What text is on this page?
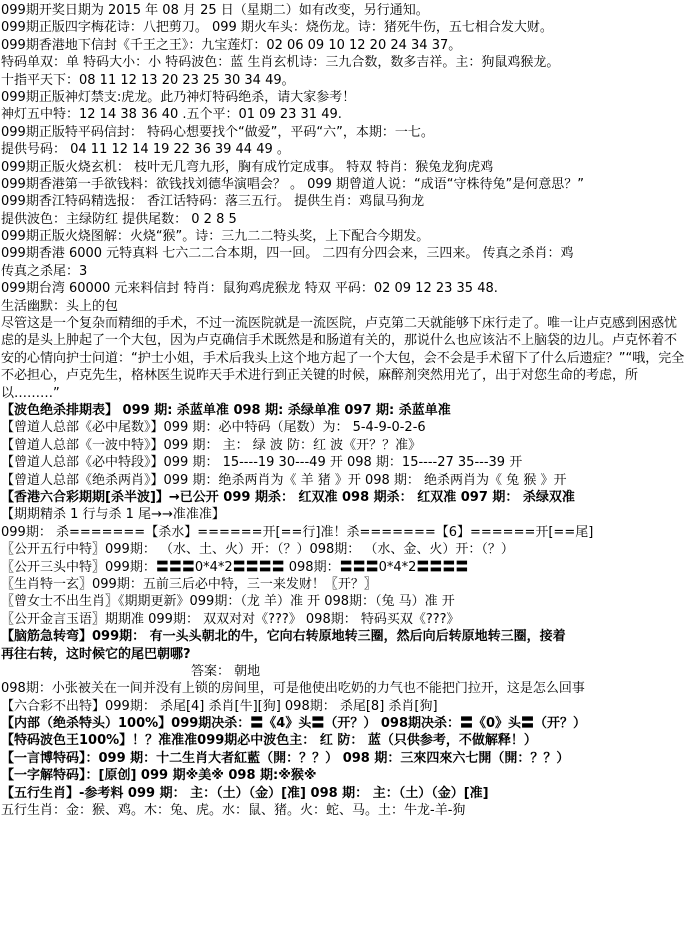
099期开奖日期为 2015 年 08 月 25 日（星期二）如有改变，另行通知。
099期正版四字梅花诗：八把剪刀。 099 期火车头：烧伤龙。诗：猪死牛伤，五七相合发大财。
099期香港地下信封《千王之王》：九宝莲灯：02 06 09 10 12 20 24 34 37。
特码单双：单 特码大小：小 特码波色：蓝 生肖玄机诗：三九合数，数多吉祥。主：狗鼠鸡猴龙。
十指平天下：08 11 12 13 20 23 25 30 34 49。
099期正版神灯禁支:虎龙。此乃神灯特码绝杀，请大家参考！
神灯五中特：12 14 38 36 40 .五个平：01 09 23 31 49.
099期正版特平码信封： 特码心想要找个“做爱”，平码“六”，本期：一七。
提供号码： 04 11 12 14 19 22 36 39 44 49 。
099期正版火烧玄机： 枝叶无几弯九形，胸有成竹定成事。 特双 特肖：猴兔龙狗虎鸡
099期香港第一手欲钱料：欲钱找刘德华演唱会？ 。 099 期曾道人说：“成语“守株待兔”是何意思？”
099期香江特码精选报： 香江话特码：落三五行。 提供生肖：鸡鼠马狗龙
提供波色：主绿防红 提供尾数： 0 2 8 5
099期正版火烧图解：火烧“猴”。诗：三九二二特头奖，上下配合今期发。
099期香港 6000 元特真料 七六二二合本期，四一回。 二四有分四会来，三四来。 传真之杀肖：鸡
传真之杀尾：3
099期台湾 60000 元来料信封 特肖：鼠狗鸡虎猴龙 特双 平码：02 09 12 23 35 48.
生活幽默：头上的包
尽管这是一个复杂而精细的手术，不过一流医院就是一流医院，卢克第二天就能够下床行走了。唯一让卢克感到困惑忧虑的是头上肿起了一个大包，因为卢克确信手术既然是和肠道有关的，那说什么也应该沾不上脑袋的边儿。卢克怀着不安的心情向护士问道：“护士小姐，手术后我头上这个地方起了一个大包，会不会是手术留下了什么后遗症？”“哦，完全不必担心，卢克先生，格林医生说昨天手术进行到正关键的时候，麻醉剂突然用光了，出于对您生命的考虑，所以………”
【波色绝杀排期表】 099 期: 杀蓝单准 098 期: 杀绿单准 097 期: 杀蓝单准
【曾道人总部《必中尾数》】099 期：必中特码（尾数）为： 5-4-9-0-2-6
【曾道人总部《一波中特》】099 期： 主： 绿 波 防：红 波《开？？准》
【曾道人总部《必中特段》】099 期： 15----19 30---49 开 098 期：15----27 35---39 开
【曾道人总部《绝杀两肖》】099 期：绝杀两肖为《 羊 猪 》开 098 期： 绝杀两肖为《 兔 猴 》开
【香港六合彩期期[杀半波]】→已公开 099 期杀： 红双准 098 期杀： 红双准 097 期： 杀绿双准
【期期精杀 1 行与杀 1 尾→→准准准】
099期： 杀=======【杀水】======开[==行]准！杀=======【6】======开[==尾]
〖公开五行中特〗099期： （水、土、火）开：（？）098期： （水、金、火）开：（？）
〖公开三头中特〗099期：〓〓〓0*4*2〓〓〓〓 098期：〓〓〓0*4*2〓〓〓〓
〖生肖特一玄〗099期：五前三后必中特，三一来发财！〖开？〗
〖曾女士不出生肖〗《期期更新》099期：（龙 羊）准 开 098期：（兔 马）准 开
〖公开金言玉语〗期期准 099期： 双双对对《???》 098期： 特码买双《???》
【脑筋急转弯】099期： 有一头头朝北的牛，它向右转原地转三圈，然后向后转原地转三圈，接着
再往右转，这时候它的尾巴朝哪?
答案： 朝地
098期：小张被关在一间并没有上锁的房间里，可是他使出吃奶的力气也不能把门拉开，这是怎么回事
【六合彩不出特】099期： 杀尾[4] 杀肖[牛][狗] 098期： 杀尾[8] 杀肖[狗]
【内部（绝杀特头）100%】099期决杀：〓《4》头〓（开？） 098期决杀：〓《0》头〓（开？）
【特码波色王100%】！？准准准099期必中波色主： 红 防： 蓝（只供参考，不做解释！）
【一言博特码】：099 期：十二生肖大者紅藍（開：？？） 098 期：三來四來六七開（開：？？）
【一字解特码】：[原创] 099 期※美※ 098 期:※猴※
【五行生肖】-参考料 099 期： 主：（土）（金）[准] 098 期： 主：（土）（金）[准]
五行生肖：金：猴、鸡。木：兔、虎。水：鼠、猪。火：蛇、马。土：牛龙-羊-狗
